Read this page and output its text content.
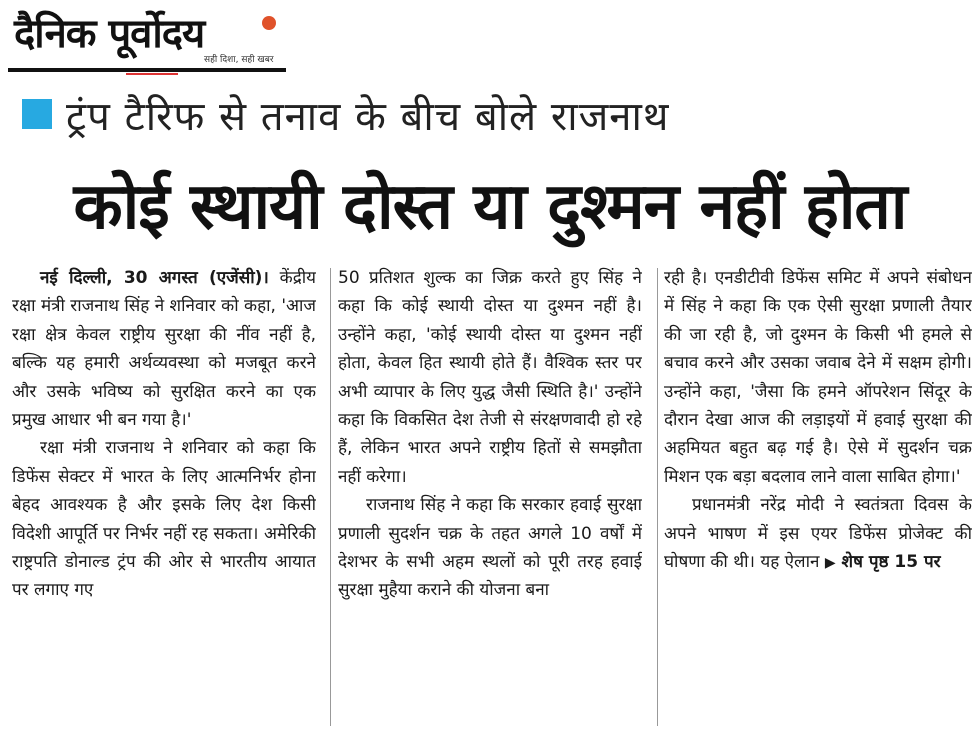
दैनिक पूर्वोदय
सही दिशा, सही खबर
ट्रंप टैरिफ से तनाव के बीच बोले राजनाथ
कोई स्थायी दोस्त या दुश्मन नहीं होता

नई दिल्ली, 30 अगस्त (एजेंसी)। केंद्रीय रक्षा मंत्री राजनाथ सिंह ने शनिवार को कहा, 'आज रक्षा क्षेत्र केवल राष्ट्रीय सुरक्षा की नींव नहीं है, बल्कि यह हमारी अर्थव्यवस्था को मजबूत करने और उसके भविष्य को सुरक्षित करने का एक प्रमुख आधार भी बन गया है।'

रक्षा मंत्री राजनाथ ने शनिवार को कहा कि डिफेंस सेक्टर में भारत के लिए आत्मनिर्भर होना बेहद आवश्यक है और इसके लिए देश किसी विदेशी आपूर्ति पर निर्भर नहीं रह सकता। अमेरिकी राष्ट्रपति डोनाल्ड ट्रंप की ओर से भारतीय आयात पर लगाए गए

50 प्रतिशत शुल्क का जिक्र करते हुए सिंह ने कहा कि कोई स्थायी दोस्त या दुश्मन नहीं है। उन्होंने कहा, 'कोई स्थायी दोस्त या दुश्मन नहीं होता, केवल हित स्थायी होते हैं। वैश्विक स्तर पर अभी व्यापार के लिए युद्ध जैसी स्थिति है।' उन्होंने कहा कि विकसित देश तेजी से संरक्षणवादी हो रहे हैं, लेकिन भारत अपने राष्ट्रीय हितों से समझौता नहीं करेगा।

राजनाथ सिंह ने कहा कि सरकार हवाई सुरक्षा प्रणाली सुदर्शन चक्र के तहत अगले 10 वर्षों में देशभर के सभी अहम स्थलों को पूरी तरह हवाई सुरक्षा मुहैया कराने की योजना बना

रही है। एनडीटीवी डिफेंस समिट में अपने संबोधन में सिंह ने कहा कि एक ऐसी सुरक्षा प्रणाली तैयार की जा रही है, जो दुश्मन के किसी भी हमले से बचाव करने और उसका जवाब देने में सक्षम होगी। उन्होंने कहा, 'जैसा कि हमने ऑपरेशन सिंदूर के दौरान देखा आज की लड़ाइयों में हवाई सुरक्षा की अहमियत बहुत बढ़ गई है। ऐसे में सुदर्शन चक्र मिशन एक बड़ा बदलाव लाने वाला साबित होगा।'

प्रधानमंत्री नरेंद्र मोदी ने स्वतंत्रता दिवस के अपने भाषण में इस एयर डिफेंस प्रोजेक्ट की घोषणा की थी। यह ऐलान ▶ शेष पृष्ठ 15 पर
